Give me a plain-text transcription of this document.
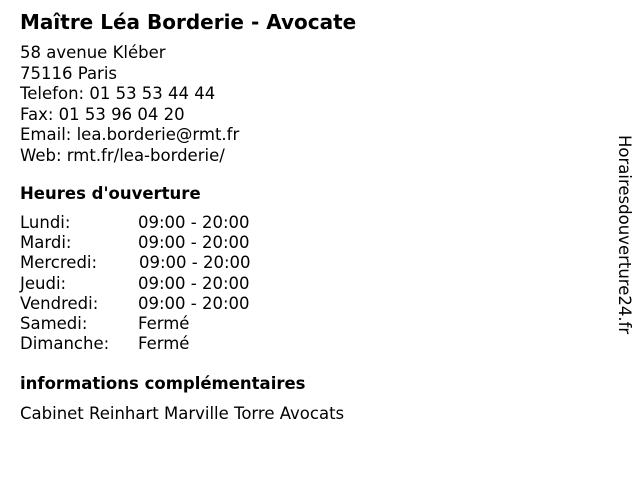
Maître Léa Borderie - Avocate
58 avenue Kléber
75116 Paris
Telefon: 01 53 53 44 44
Fax: 01 53 96 04 20
Email: lea.borderie@rmt.fr
Web: rmt.fr/lea-borderie/
Heures d'ouverture
Lundi:	09:00 - 20:00
Mardi:	09:00 - 20:00
Mercredi:	09:00 - 20:00
Jeudi:	09:00 - 20:00
Vendredi: 09:00 - 20:00
Samedi:	Fermé
Dimanche: Fermé
informations complémentaires
Cabinet Reinhart Marville Torre Avocats
Horairesdouverture24.fr
